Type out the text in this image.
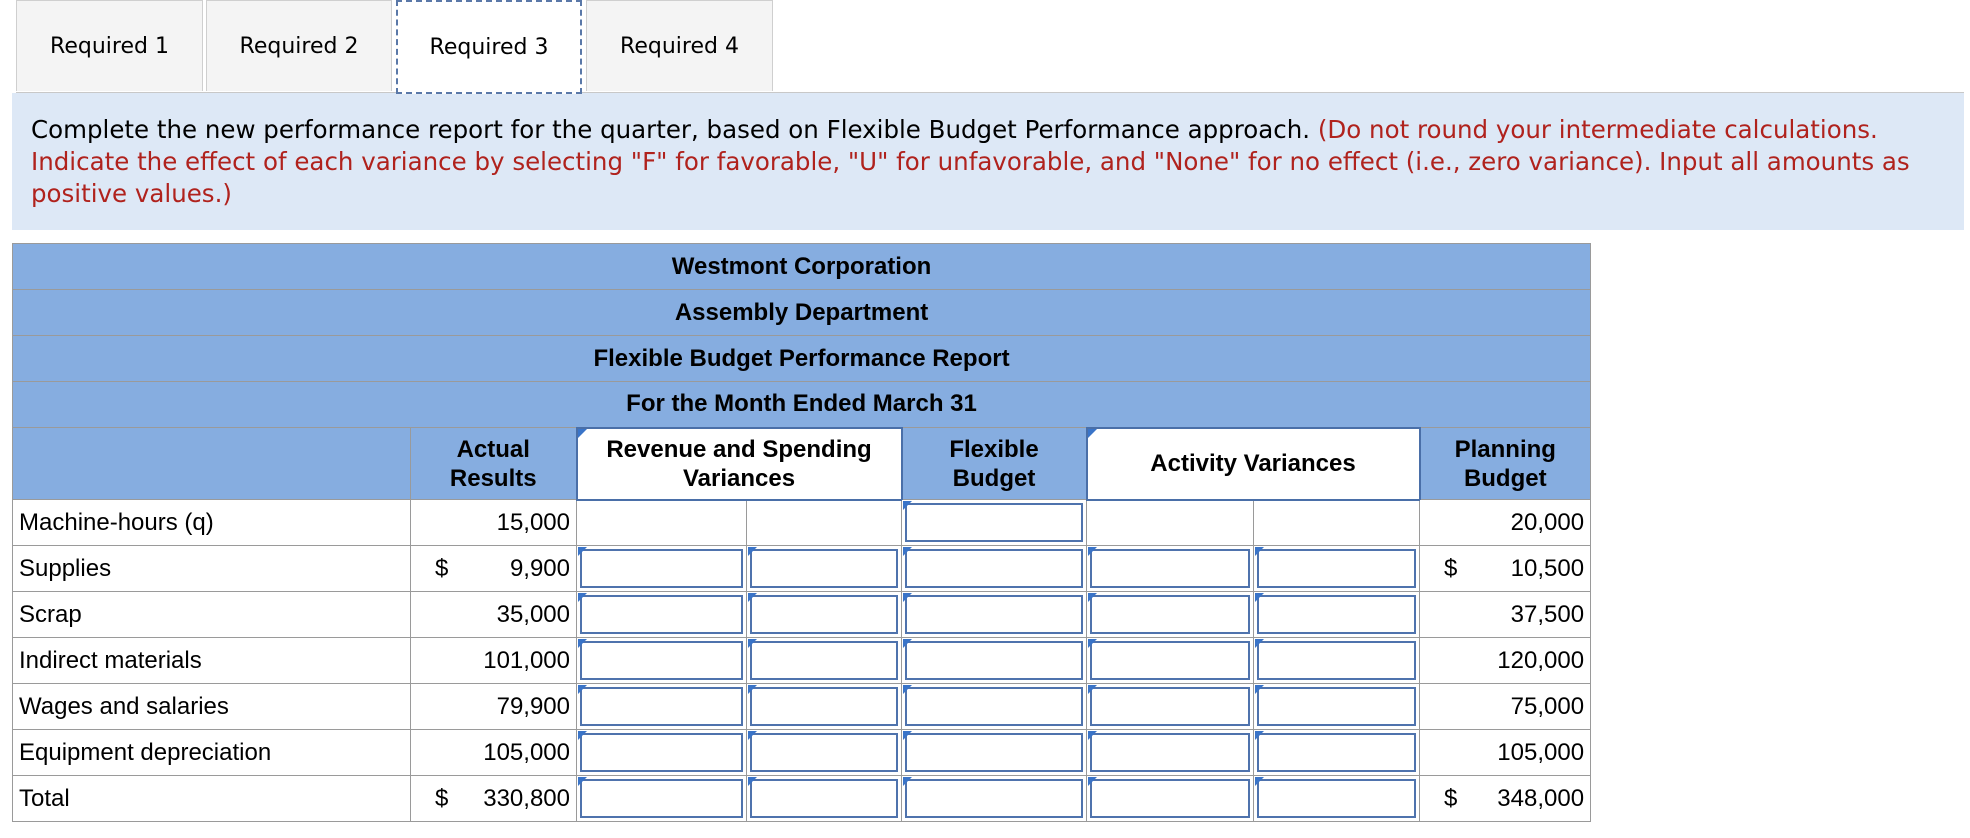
Required 1	Required 2	Required 3	Required 4
Complete the new performance report for the quarter, based on Flexible Budget Performance approach. (Do not round your intermediate calculations. Indicate the effect of each variance by selecting "F" for favorable, "U" for unfavorable, and "None" for no effect (i.e., zero variance). Input all amounts as positive values.)
Westmont Corporation							
Assembly Department							
Flexible Budget Performance Report							
For the Month Ended March 31							

	Actual Results	Revenue and Spending Variances		Flexible Budget	Activity Variances		Planning Budget

Machine-hours (q)	15,000						20,000
Supplies	$ 9,900						$ 10,500
Scrap	35,000						37,500
Indirect materials	101,000						120,000
Wages and salaries	79,900						75,000
Equipment depreciation	105,000						105,000
Total	$ 330,800						$ 348,000
